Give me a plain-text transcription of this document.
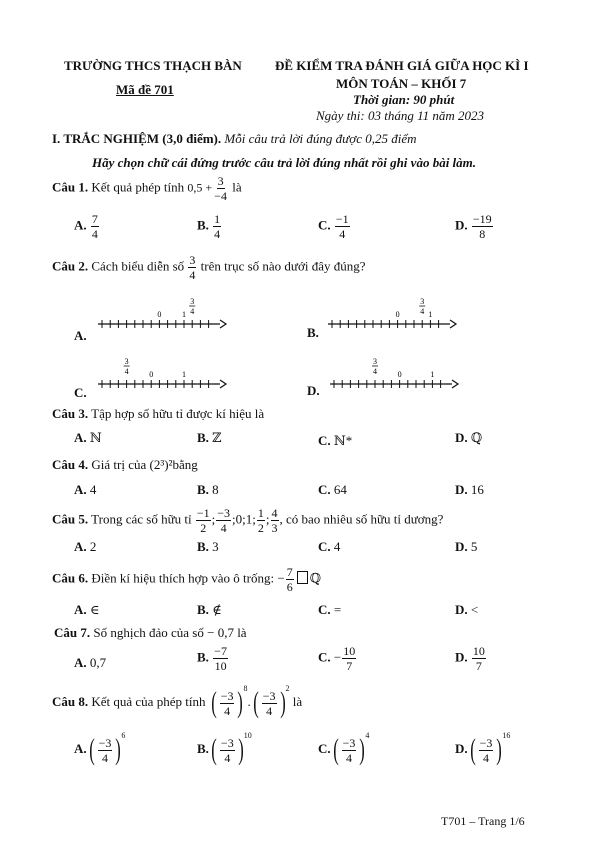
TRƯỜNG THCS THẠCH BÀN	ĐỀ KIỂM TRA ĐÁNH GIÁ GIỮA HỌC KÌ I
MÔN TOÁN – KHỐI 7
Mã đề 701
Thời gian: 90 phút
Ngày thi: 03 tháng 11 năm 2023
I. TRẮC NGHIỆM (3,0 điểm). Mỗi câu trả lời đúng được 0,25 điểm
Hãy chọn chữ cái đứng trước câu trả lời đúng nhất rồi ghi vào bài làm.
Câu 1. Kết quả phép tính $0,5 + \frac{3}{-4}$ là
A. $\frac{7}{4}$	B. $\frac{1}{4}$	C. $\frac{-1}{4}$	D. $\frac{-19}{8}$
Câu 2. Cách biểu diễn số $\frac{3}{4}$ trên trục số nào dưới đây đúng?
0	1
3
4
A.
0	1
3
4
B.
0	1
3
4
C.
0	1
3
4
D.
Câu 3. Tập hợp số hữu tỉ được kí hiệu là
A. ℕ	B. ℤ	C. ℕ*	D. ℚ
Câu 4. Giá trị của (2³)²bằng
A. 4	B. 8	C. 64	D. 16
Câu 5. Trong các số hữu tỉ $\frac{-1}{2}$ ; $\frac{-3}{4}$ ;0;1; $\frac{1}{2}$ ; $\frac{4}{3}$ , có bao nhiêu số hữu tỉ dương?
A. 2	B. 3	C. 4	D. 5
Câu 6. Điền kí hiệu thích hợp vào ô trống: − $\frac{7}{6}$ ℚ
A. ∈	B. ∉	C. =	D. <
Câu 7. Số nghịch đảo của số − 0,7 là
A. 0,7	B. $\frac{-7}{10}$	C. − $\frac{10}{7}$	D. $\frac{10}{7}$
Câu 8. Kết quả của phép tính ( $\frac{-3}{4} )^8$
. ( $\frac{-3}{4} )^2$
là
A. ( $\frac{-3}{4} )^6$
B. ( $\frac{-3}{4} )^{10}$
C. ( $\frac{-3}{4} )^4$
D. ( $\frac{-3}{4} )^{16}$
T701 – Trang 1/6
